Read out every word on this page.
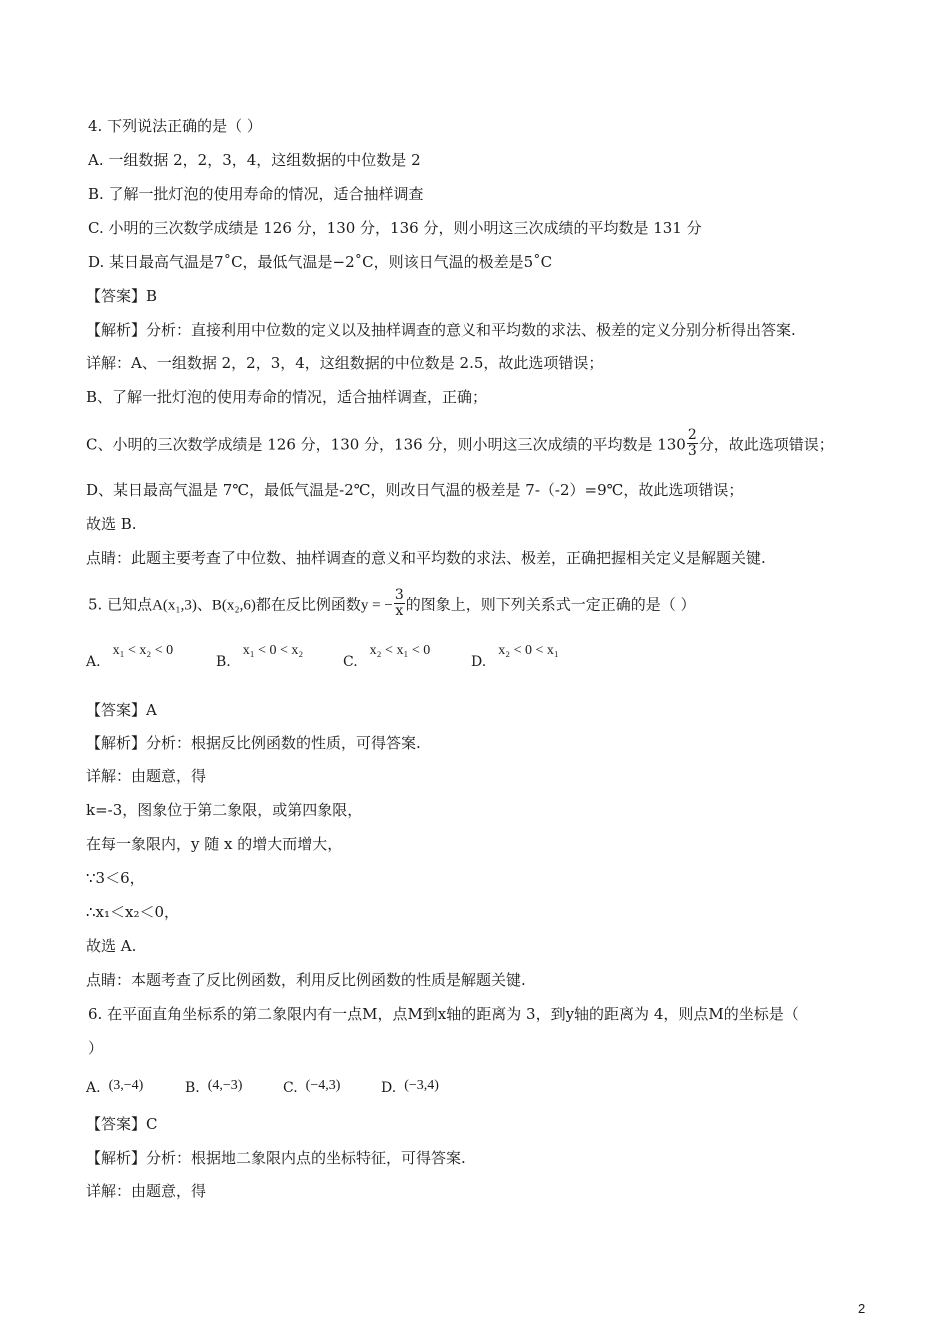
4. 下列说法正确的是（ ）
A. 一组数据 2，2，3，4，这组数据的中位数是 2
B. 了解一批灯泡的使用寿命的情况，适合抽样调查
C. 小明的三次数学成绩是 126 分，130 分，136 分，则小明这三次成绩的平均数是 131 分
D. 某日最高气温是7˚C，最低气温是−2˚C，则该日气温的极差是5˚C
【答案】B
【解析】分析：直接利用中位数的定义以及抽样调查的意义和平均数的求法、极差的定义分别分析得出答案.
详解：A、一组数据 2，2，3，4，这组数据的中位数是 2.5，故此选项错误；
B、了解一批灯泡的使用寿命的情况，适合抽样调查，正确；
C、小明的三次数学成绩是 126 分，130 分，136 分，则小明这三次成绩的平均数是 $130 \frac{2}{3}$ 分，故此选项错误；
D、某日最高气温是 7℃，最低气温是-2℃，则改日气温的极差是 7-（-2）=9℃，故此选项错误；
故选 B.
点睛：此题主要考查了中位数、抽样调查的意义和平均数的求法、极差，正确把握相关定义是解题关键.
5. 已知点A(x₁,3)、B(x₂,6)都在反比例函数y = − $\frac{3}{x}$ 的图象上，则下列关系式一定正确的是（ ）
A.x₁ < x₂ < 0
B.x₁ < 0 < x₂
C.x₂ < x₁ < 0
D.x₂ < 0 < x₁
【答案】A
【解析】分析：根据反比例函数的性质，可得答案.
详解：由题意，得
k=-3，图象位于第二象限，或第四象限，
在每一象限内，y 随 x 的增大而增大，
∵3＜6，
∴x₁＜x₂＜0，
故选 A.
点睛：本题考查了反比例函数，利用反比例函数的性质是解题关键.
6. 在平面直角坐标系的第二象限内有一点M，点M到x轴的距离为 3，到y轴的距离为 4，则点M的坐标是（
）
A. (3,−4)	B. (4,−3)	C. (−4,3)	D. (−3,4)
【答案】C
【解析】分析：根据地二象限内点的坐标特征，可得答案.
详解：由题意，得
2
